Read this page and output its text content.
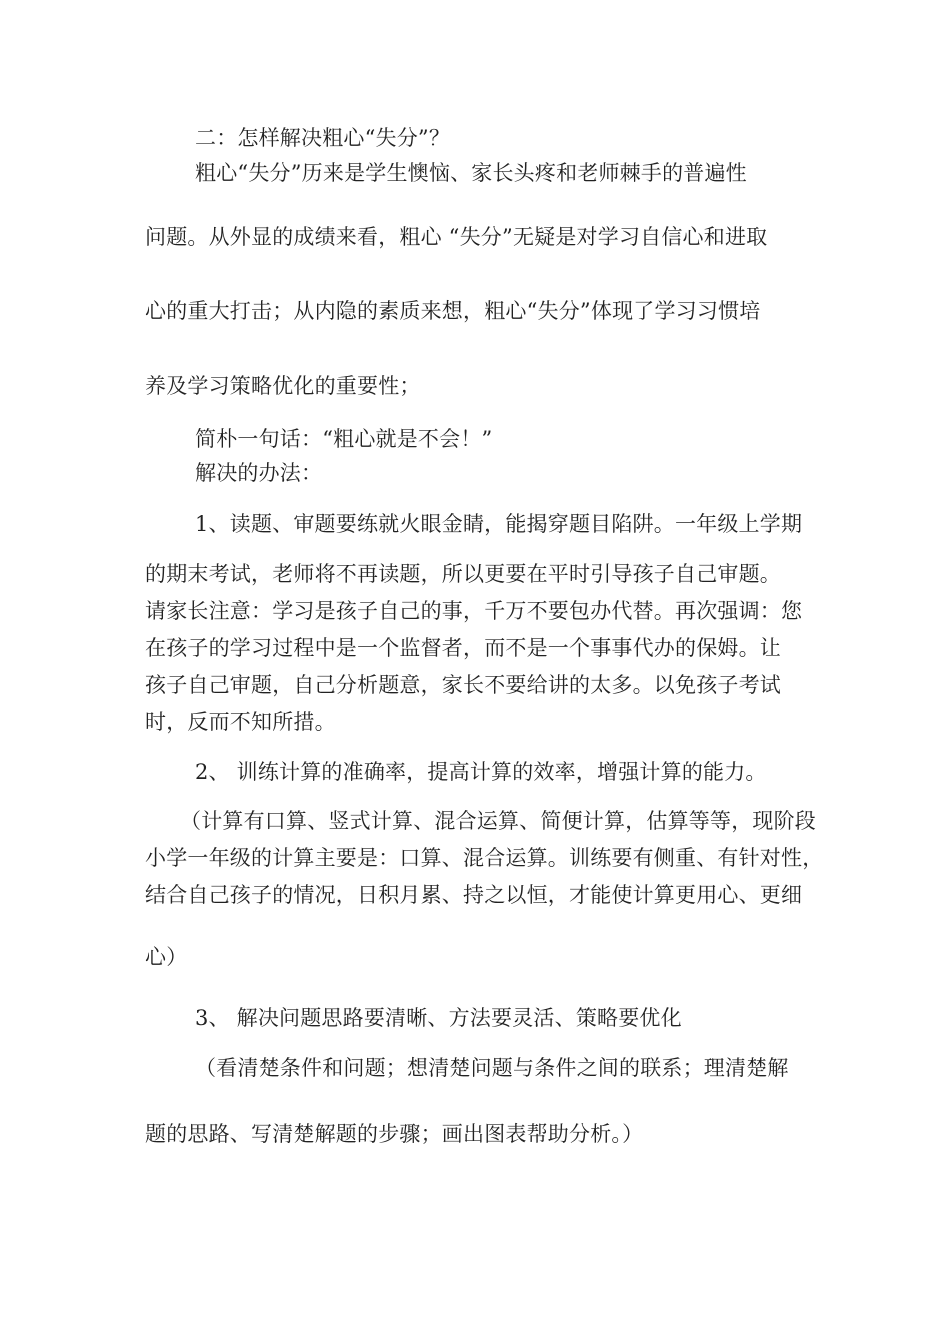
二：怎样解决粗心“失分”？
粗心“失分”历来是学生懊恼、家长头疼和老师棘手的普遍性
问题。从外显的成绩来看，粗心 “失分”无疑是对学习自信心和进取
心的重大打击；从内隐的素质来想，粗心“失分”体现了学习习惯培
养及学习策略优化的重要性；
简朴一句话：“粗心就是不会！”
解决的办法：
1、读题、审题要练就火眼金睛，能揭穿题目陷阱。一年级上学期
的期末考试，老师将不再读题，所以更要在平时引导孩子自己审题。
请家长注意：学习是孩子自己的事，千万不要包办代替。再次强调：您
在孩子的学习过程中是一个监督者，而不是一个事事代办的保姆。让
孩子自己审题，自己分析题意，家长不要给讲的太多。以免孩子考试
时，反而不知所措。
2、 训练计算的准确率，提高计算的效率，增强计算的能力。
（计算有口算、竖式计算、混合运算、简便计算，估算等等，现阶段
小学一年级的计算主要是：口算、混合运算。训练要有侧重、有针对性，
结合自己孩子的情况，日积月累、持之以恒，才能使计算更用心、更细
心）
3、 解决问题思路要清晰、方法要灵活、策略要优化
（看清楚条件和问题；想清楚问题与条件之间的联系；理清楚解
题的思路、写清楚解题的步骤；画出图表帮助分析。）
